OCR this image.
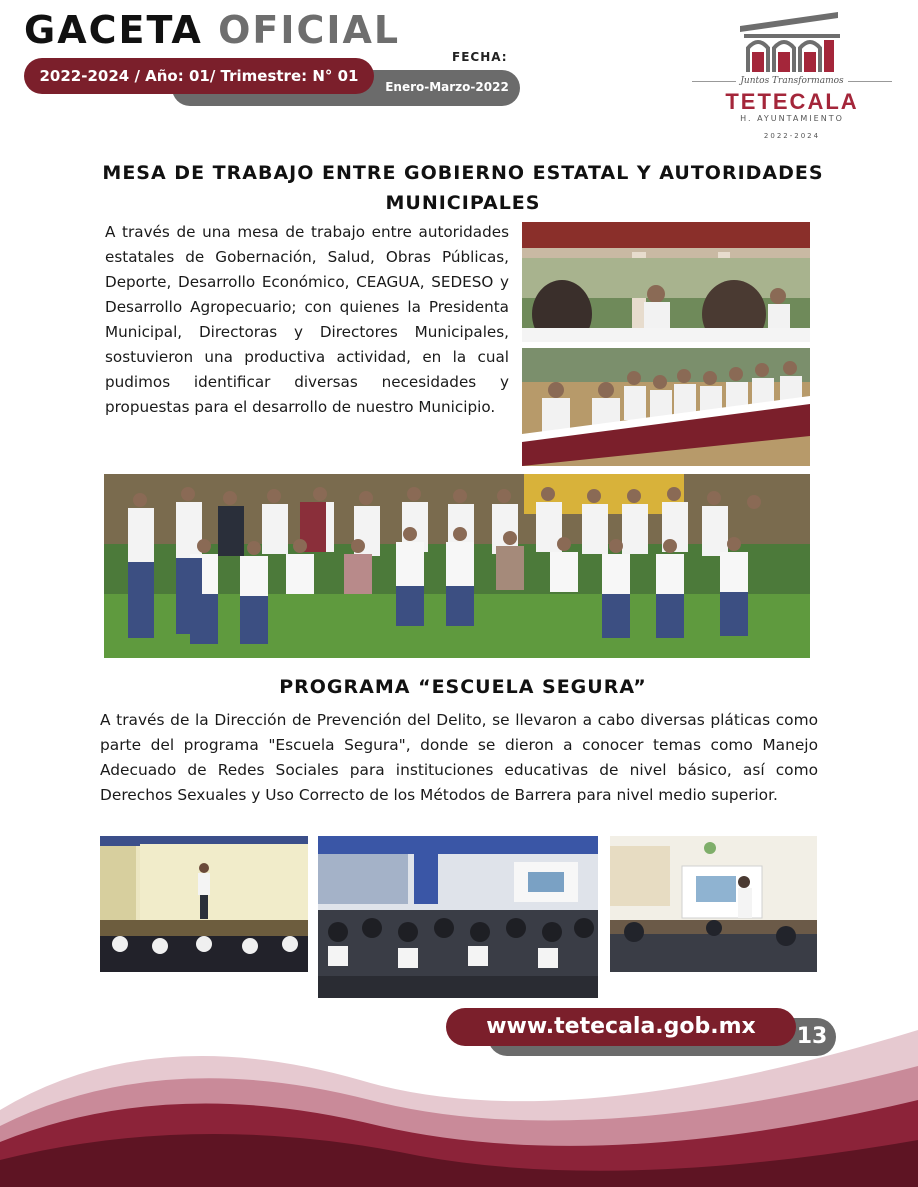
GACETA OFICIAL
FECHA:
2022-2024 / Año: 01/ Trimestre: N° 01
Enero-Marzo-2022	Juntos Transformamos
TETECALA
H. AYUNTAMIENTO
2022-2024
MESA DE TRABAJO ENTRE GOBIERNO ESTATAL Y AUTORIDADES MUNICIPALES
A través de una mesa de trabajo entre autoridades estatales de Gobernación, Salud, Obras Públicas, Deporte, Desarrollo Económico, CEAGUA, SEDESO y Desarrollo Agropecuario; con quienes la Presidenta Municipal, Directoras y Directores Municipales, sostuvieron una productiva actividad, en la cual pudimos identificar diversas necesidades y propuestas para el desarrollo de nuestro Municipio.
PROGRAMA “ESCUELA SEGURA”
A través de la Dirección de Prevención del Delito, se llevaron a cabo diversas pláticas como parte del programa "Escuela Segura", donde se dieron a conocer temas como Manejo Adecuado de Redes Sociales para instituciones educativas de nivel básico, así como Derechos Sexuales y Uso Correcto de los Métodos de Barrera para nivel medio superior.
www.tetecala.gob.mx	13
